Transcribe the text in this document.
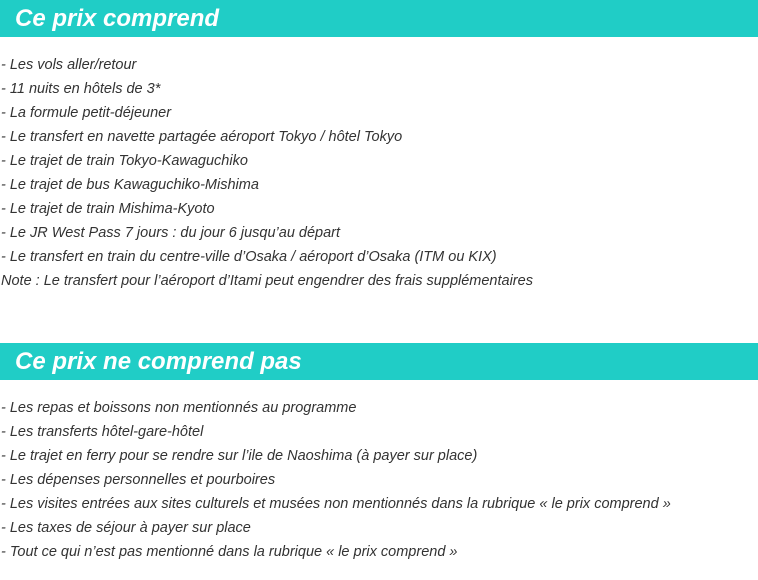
Ce prix comprend
- Les vols aller/retour
- 11 nuits en hôtels de 3*
- La formule petit-déjeuner
- Le transfert en navette partagée aéroport Tokyo / hôtel Tokyo
- Le trajet de train Tokyo-Kawaguchiko
- Le trajet de bus Kawaguchiko-Mishima
- Le trajet de train Mishima-Kyoto
- Le JR West Pass 7 jours : du jour 6 jusqu’au départ
- Le transfert en train du centre-ville d’Osaka / aéroport d’Osaka (ITM ou KIX)
Note : Le transfert pour l’aéroport d’Itami peut engendrer des frais supplémentaires
Ce prix ne comprend pas
- Les repas et boissons non mentionnés au programme
- Les transferts hôtel-gare-hôtel
- Le trajet en ferry pour se rendre sur l’ile de Naoshima (à payer sur place)
- Les dépenses personnelles et pourboires
- Les visites entrées aux sites culturels et musées non mentionnés dans la rubrique « le prix comprend »
- Les taxes de séjour à payer sur place
- Tout ce qui n’est pas mentionné dans la rubrique « le prix comprend »
